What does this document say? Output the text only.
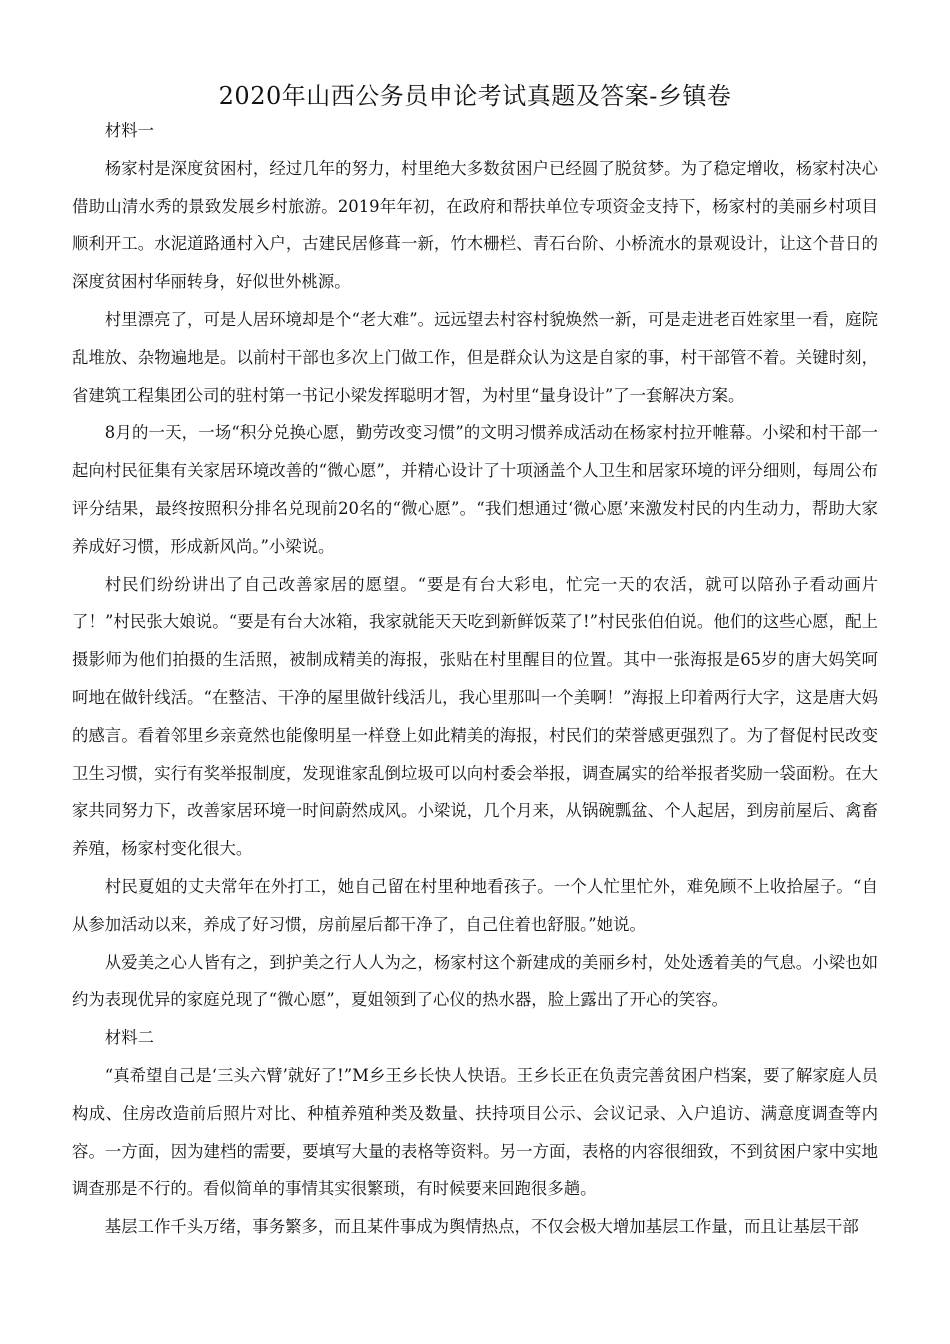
2020年山西公务员申论考试真题及答案-乡镇卷

材料一

杨家村是深度贫困村，经过几年的努力，村里绝大多数贫困户已经圆了脱贫梦。为了稳定增收，杨家村决心借助山清水秀的景致发展乡村旅游。2019年年初，在政府和帮扶单位专项资金支持下，杨家村的美丽乡村项目顺利开工。水泥道路通村入户，古建民居修葺一新，竹木栅栏、青石台阶、小桥流水的景观设计，让这个昔日的深度贫困村华丽转身，好似世外桃源。

村里漂亮了，可是人居环境却是个“老大难”。远远望去村容村貌焕然一新，可是走进老百姓家里一看，庭院乱堆放、杂物遍地是。以前村干部也多次上门做工作，但是群众认为这是自家的事，村干部管不着。关键时刻，省建筑工程集团公司的驻村第一书记小梁发挥聪明才智，为村里“量身设计”了一套解决方案。

8月的一天，一场“积分兑换心愿，勤劳改变习惯”的文明习惯养成活动在杨家村拉开帷幕。小梁和村干部一起向村民征集有关家居环境改善的“微心愿”，并精心设计了十项涵盖个人卫生和居家环境的评分细则，每周公布评分结果，最终按照积分排名兑现前20名的“微心愿”。“我们想通过‘微心愿’来激发村民的内生动力，帮助大家养成好习惯，形成新风尚。”小梁说。

村民们纷纷讲出了自己改善家居的愿望。“要是有台大彩电，忙完一天的农活，就可以陪孙子看动画片了！”村民张大娘说。“要是有台大冰箱，我家就能天天吃到新鲜饭菜了!”村民张伯伯说。他们的这些心愿，配上摄影师为他们拍摄的生活照，被制成精美的海报，张贴在村里醒目的位置。其中一张海报是65岁的唐大妈笑呵呵地在做针线活。“在整洁、干净的屋里做针线活儿，我心里那叫一个美啊！”海报上印着两行大字，这是唐大妈的感言。看着邻里乡亲竟然也能像明星一样登上如此精美的海报，村民们的荣誉感更强烈了。为了督促村民改变卫生习惯，实行有奖举报制度，发现谁家乱倒垃圾可以向村委会举报，调查属实的给举报者奖励一袋面粉。在大家共同努力下，改善家居环境一时间蔚然成风。小梁说，几个月来，从锅碗瓢盆、个人起居，到房前屋后、禽畜养殖，杨家村变化很大。

村民夏姐的丈夫常年在外打工，她自己留在村里种地看孩子。一个人忙里忙外，难免顾不上收拾屋子。“自从参加活动以来，养成了好习惯，房前屋后都干净了，自己住着也舒服。”她说。

从爱美之心人皆有之，到护美之行人人为之，杨家村这个新建成的美丽乡村，处处透着美的气息。小梁也如约为表现优异的家庭兑现了“微心愿”，夏姐领到了心仪的热水器，脸上露出了开心的笑容。

材料二

“真希望自己是‘三头六臂’就好了!”M乡王乡长快人快语。王乡长正在负责完善贫困户档案，要了解家庭人员构成、住房改造前后照片对比、种植养殖种类及数量、扶持项目公示、会议记录、入户追访、满意度调查等内容。一方面，因为建档的需要，要填写大量的表格等资料。另一方面，表格的内容很细致，不到贫困户家中实地调查那是不行的。看似简单的事情其实很繁琐，有时候要来回跑很多趟。

基层工作千头万绪，事务繁多，而且某件事成为舆情热点，不仅会极大增加基层工作量，而且让基层干部
